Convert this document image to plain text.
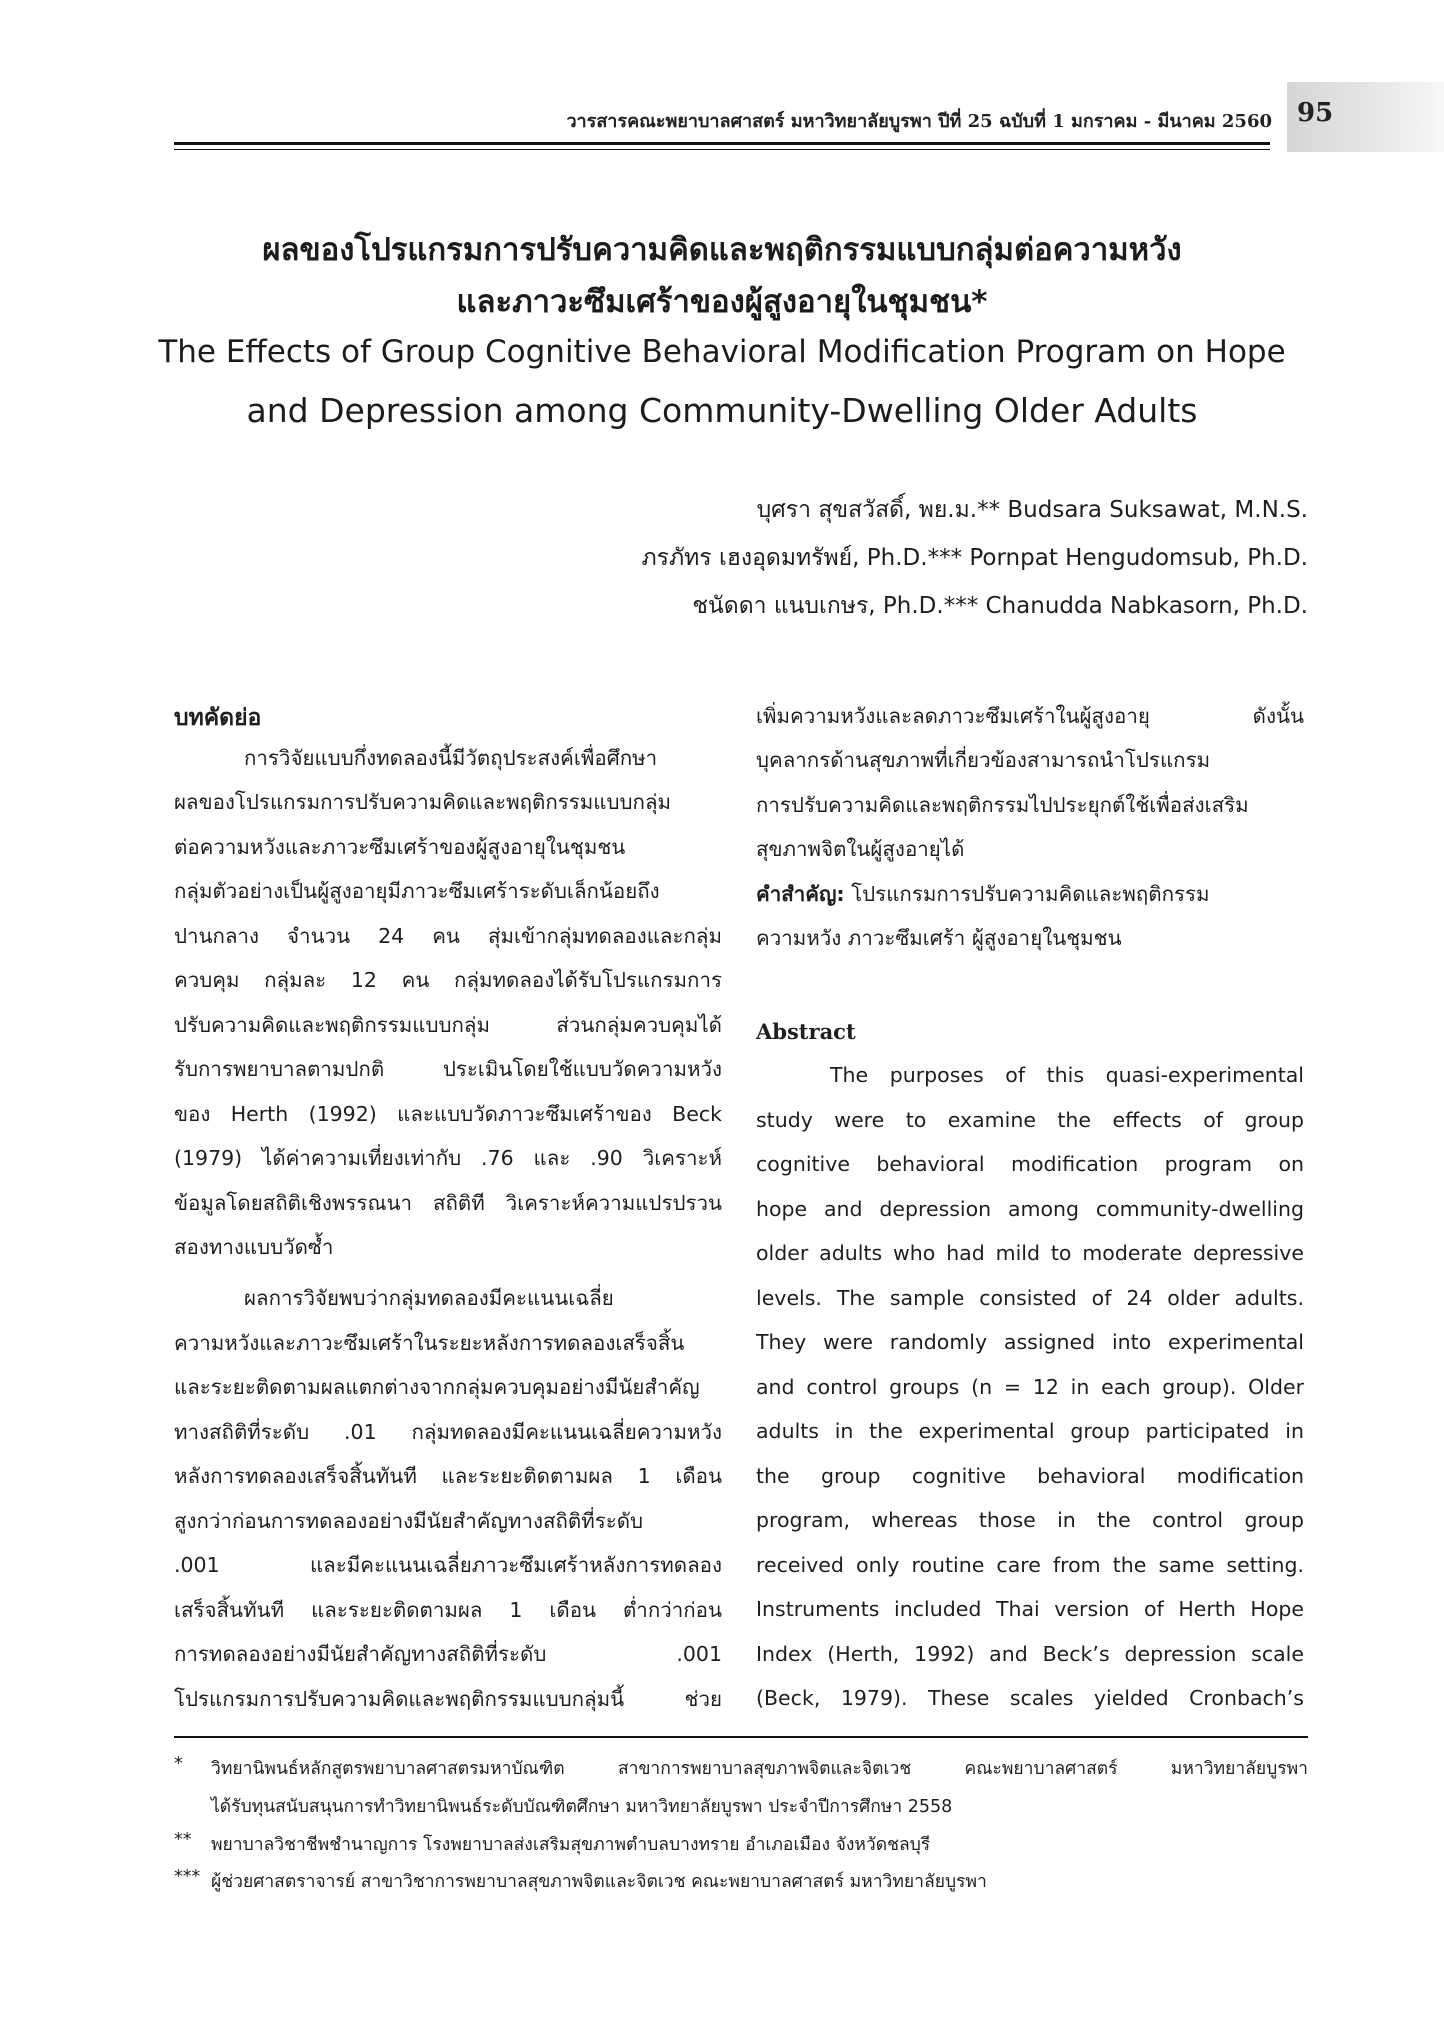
95
วารสารคณะพยาบาลศาสตร์ มหาวิทยาลัยบูรพา ปีที่ 25 ฉบับที่ 1 มกราคม - มีนาคม 2560
ผลของโปรแกรมการปรับความคิดและพฤติกรรมแบบกลุ่มต่อความหวัง
และภาวะซึมเศร้าของผู้สูงอายุในชุมชน*
The Effects of Group Cognitive Behavioral Modification Program on Hope
and Depression among Community-Dwelling Older Adults
บุศรา สุขสวัสดิ์, พย.ม.** Budsara Suksawat, M.N.S.
ภรภัทร เฮงอุดมทรัพย์, Ph.D.*** Pornpat Hengudomsub, Ph.D.
ชนัดดา แนบเกษร, Ph.D.*** Chanudda Nabkasorn, Ph.D.
บทคัดย่อ
การวิจัยแบบกึ่งทดลองนี้มีวัตถุประสงค์เพื่อศึกษา
ผลของโปรแกรมการปรับความคิดและพฤติกรรมแบบกลุ่ม
ต่อความหวังและภาวะซึมเศร้าของผู้สูงอายุในชุมชน
กลุ่มตัวอย่างเป็นผู้สูงอายุมีภาวะซึมเศร้าระดับเล็กน้อยถึง
ปานกลาง จำนวน 24 คน สุ่มเข้ากลุ่มทดลองและกลุ่ม
ควบคุม กลุ่มละ 12 คน กลุ่มทดลองได้รับโปรแกรมการ
ปรับความคิดและพฤติกรรมแบบกลุ่ม ส่วนกลุ่มควบคุมได้
รับการพยาบาลตามปกติ ประเมินโดยใช้แบบวัดความหวัง
ของ Herth (1992) และแบบวัดภาวะซึมเศร้าของ Beck
(1979) ได้ค่าความเที่ยงเท่ากับ .76 และ .90 วิเคราะห์
ข้อมูลโดยสถิติเชิงพรรณนา สถิติที วิเคราะห์ความแปรปรวน
สองทางแบบวัดซ้ำ
ผลการวิจัยพบว่ากลุ่มทดลองมีคะแนนเฉลี่ย
ความหวังและภาวะซึมเศร้าในระยะหลังการทดลองเสร็จสิ้น
และระยะติดตามผลแตกต่างจากกลุ่มควบคุมอย่างมีนัยสำคัญ
ทางสถิติที่ระดับ .01 กลุ่มทดลองมีคะแนนเฉลี่ยความหวัง
หลังการทดลองเสร็จสิ้นทันที และระยะติดตามผล 1 เดือน
สูงกว่าก่อนการทดลองอย่างมีนัยสำคัญทางสถิติที่ระดับ
.001 และมีคะแนนเฉลี่ยภาวะซึมเศร้าหลังการทดลอง
เสร็จสิ้นทันที และระยะติดตามผล 1 เดือน ต่ำกว่าก่อน
การทดลองอย่างมีนัยสำคัญทางสถิติที่ระดับ .001
โปรแกรมการปรับความคิดและพฤติกรรมแบบกลุ่มนี้ ช่วย
เพิ่มความหวังและลดภาวะซึมเศร้าในผู้สูงอายุ ดังนั้น
บุคลากรด้านสุขภาพที่เกี่ยวข้องสามารถนำโปรแกรม
การปรับความคิดและพฤติกรรมไปประยุกต์ใช้เพื่อส่งเสริม
สุขภาพจิตในผู้สูงอายุได้
คำสำคัญ: โปรแกรมการปรับความคิดและพฤติกรรม
ความหวัง ภาวะซึมเศร้า ผู้สูงอายุในชุมชน
Abstract
The purposes of this quasi-experimental
study were to examine the effects of group
cognitive behavioral modification program on
hope and depression among community-dwelling
older adults who had mild to moderate depressive
levels. The sample consisted of 24 older adults.
They were randomly assigned into experimental
and control groups (n = 12 in each group). Older
adults in the experimental group participated in
the group cognitive behavioral modification
program, whereas those in the control group
received only routine care from the same setting.
Instruments included Thai version of Herth Hope
Index (Herth, 1992) and Beck’s depression scale
(Beck, 1979). These scales yielded Cronbach’s
* วิทยานิพนธ์หลักสูตรพยาบาลศาสตรมหาบัณฑิต สาขาการพยาบาลสุขภาพจิตและจิตเวช คณะพยาบาลศาสตร์ มหาวิทยาลัยบูรพา
ได้รับทุนสนับสนุนการทำวิทยานิพนธ์ระดับบัณฑิตศึกษา มหาวิทยาลัยบูรพา ประจำปีการศึกษา 2558
** พยาบาลวิชาชีพชำนาญการ โรงพยาบาลส่งเสริมสุขภาพตำบลบางทราย อำเภอเมือง จังหวัดชลบุรี
*** ผู้ช่วยศาสตราจารย์ สาขาวิชาการพยาบาลสุขภาพจิตและจิตเวช คณะพยาบาลศาสตร์ มหาวิทยาลัยบูรพา
